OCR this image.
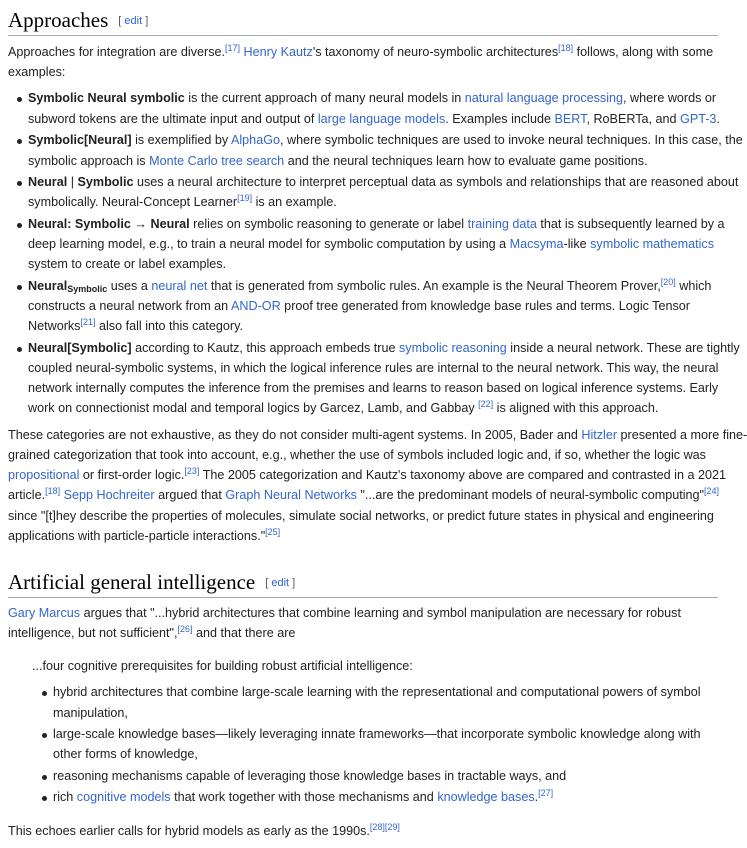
Approaches [ edit ]
Approaches for integration are diverse.[17] Henry Kautz's taxonomy of neuro-symbolic architectures[18] follows, along with some
examples:
Symbolic Neural symbolic is the current approach of many neural models in natural language processing, where words or
subword tokens are the ultimate input and output of large language models. Examples include BERT, RoBERTa, and GPT-3.
Symbolic[Neural] is exemplified by AlphaGo, where symbolic techniques are used to invoke neural techniques. In this case, the
symbolic approach is Monte Carlo tree search and the neural techniques learn how to evaluate game positions.
Neural | Symbolic uses a neural architecture to interpret perceptual data as symbols and relationships that are reasoned about
symbolically. Neural-Concept Learner[19] is an example.
Neural: Symbolic → Neural relies on symbolic reasoning to generate or label training data that is subsequently learned by a
deep learning model, e.g., to train a neural model for symbolic computation by using a Macsyma-like symbolic mathematics
system to create or label examples.
Neural$_{Symbolic}$ uses a neural net that is generated from symbolic rules. An example is the Neural Theorem Prover,[20] which
constructs a neural network from an AND-OR proof tree generated from knowledge base rules and terms. Logic Tensor
Networks[21] also fall into this category.
Neural[Symbolic] according to Kautz, this approach embeds true symbolic reasoning inside a neural network. These are tightly
coupled neural-symbolic systems, in which the logical inference rules are internal to the neural network. This way, the neural
network internally computes the inference from the premises and learns to reason based on logical inference systems. Early
work on connectionist modal and temporal logics by Garcez, Lamb, and Gabbay [22] is aligned with this approach.
These categories are not exhaustive, as they do not consider multi-agent systems. In 2005, Bader and Hitzler presented a more fine-
grained categorization that took into account, e.g., whether the use of symbols included logic and, if so, whether the logic was
propositional or first-order logic.[23] The 2005 categorization and Kautz's taxonomy above are compared and contrasted in a 2021
article.[18] Sepp Hochreiter argued that Graph Neural Networks "...are the predominant models of neural-symbolic computing"[24]
since "[t]hey describe the properties of molecules, simulate social networks, or predict future states in physical and engineering
applications with particle-particle interactions."[25]
Artificial general intelligence [ edit ]
Gary Marcus argues that "...hybrid architectures that combine learning and symbol manipulation are necessary for robust
intelligence, but not sufficient",[26] and that there are
...four cognitive prerequisites for building robust artificial intelligence:
hybrid architectures that combine large-scale learning with the representational and computational powers of symbol
manipulation,
large-scale knowledge bases—likely leveraging innate frameworks—that incorporate symbolic knowledge along with
other forms of knowledge,
reasoning mechanisms capable of leveraging those knowledge bases in tractable ways, and
rich cognitive models that work together with those mechanisms and knowledge bases.[27]
This echoes earlier calls for hybrid models as early as the 1990s.[28][29]
